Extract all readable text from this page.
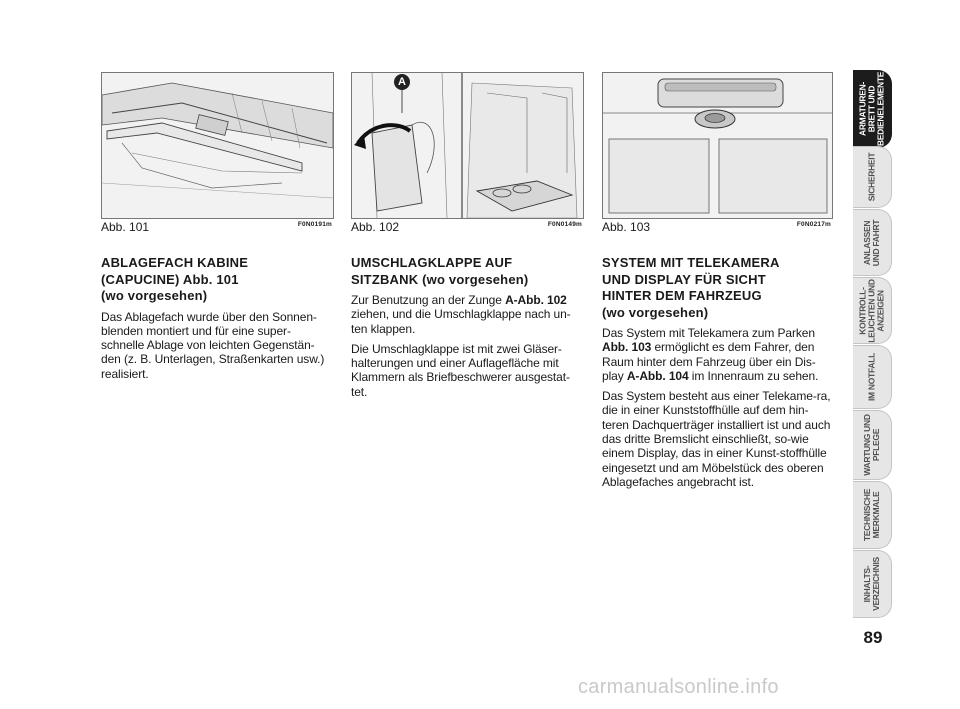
A
Abb. 101	F0N0191m Abb. 102	F0N0149m Abb. 103	F0N0217m
ABLAGEFACH KABINE
(CAPUCINE) Abb. 101
(wo vorgesehen)

Das Ablagefach wurde über den Sonnen-blenden montiert und für eine super-schnelle Ablage von leichten Gegenstän-den (z. B. Unterlagen, Straßenkarten usw.) realisiert.

UMSCHLAGKLAPPE AUF
SITZBANK (wo vorgesehen)

Zur Benutzung an der Zunge A-Abb. 102 ziehen, und die Umschlagklappe nach un-ten klappen.

Die Umschlagklappe ist mit zwei Gläser-halterungen und einer Auflagefläche mit Klammern als Briefbeschwerer ausgestat-tet.

SYSTEM MIT TELEKAMERA
UND DISPLAY FÜR SICHT
HINTER DEM FAHRZEUG
(wo vorgesehen)

Das System mit Telekamera zum Parken Abb. 103 ermöglicht es dem Fahrer, den Raum hinter dem Fahrzeug über ein Dis-play A-Abb. 104 im Innenraum zu sehen.

Das System besteht aus einer Telekame-ra, die in einer Kunststoffhülle auf dem hin-teren Dachquerträger installiert ist und auch das dritte Bremslicht einschließt, so-wie einem Display, das in einer Kunst-stoffhülle eingesetzt und am Möbelstück des oberen Ablagefaches angebracht ist.

ARMATUREN-
BRETT UND
BEDIENELEMENTE
SICHERHEIT
ANLASSEN
UND FAHRT
KONTROLL-
LEUCHTEN UND
ANZEIGEN
IM NOTFALL
WARTUNG UND
PFLEGE
TECHNISCHE
MERKMALE
INHALTS-
VERZEICHNIS
89
carmanualsonline.info
